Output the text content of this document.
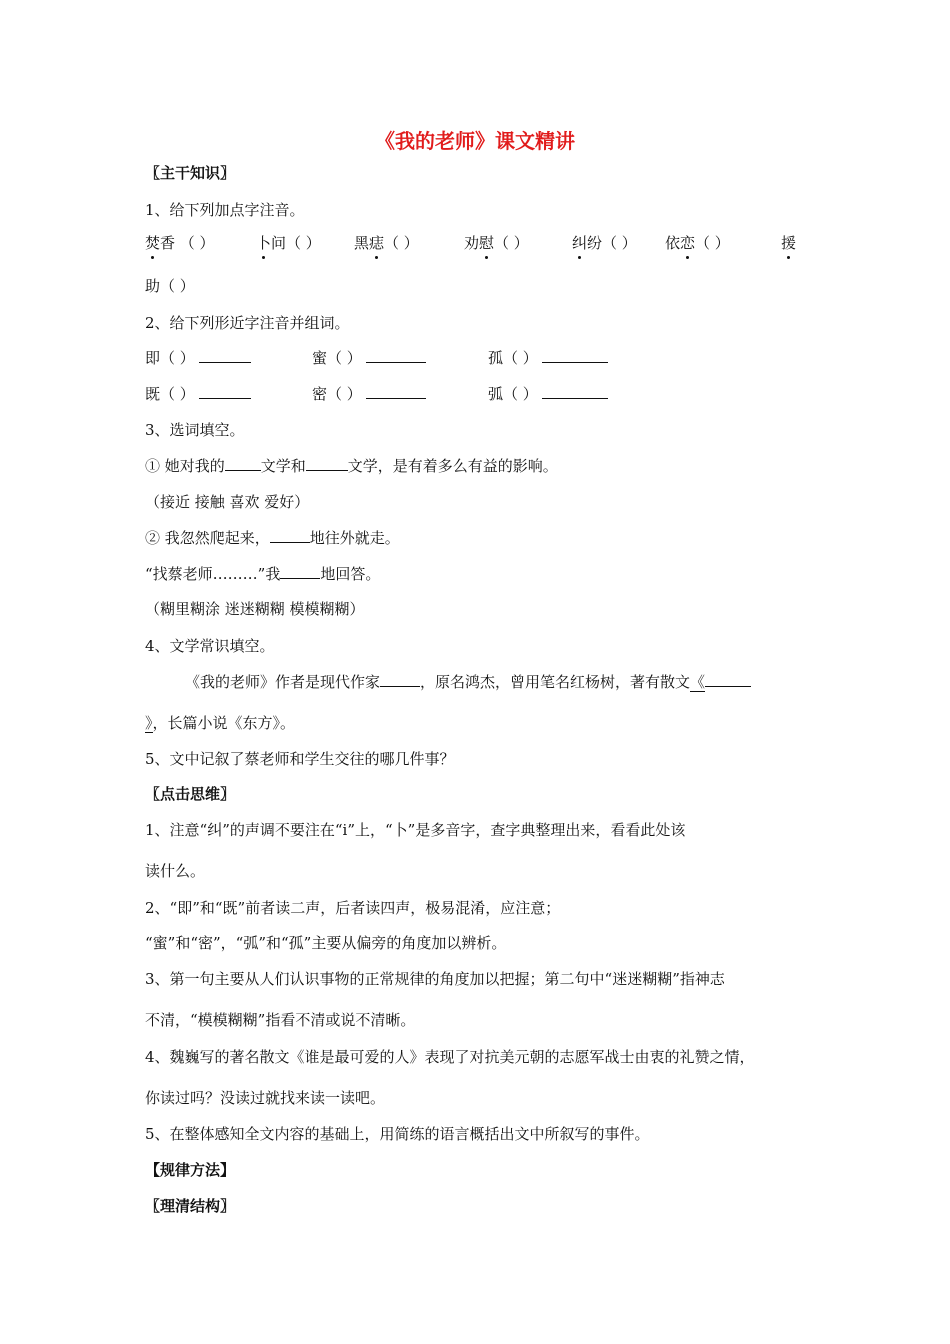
《我的老师》课文精讲
〖主干知识〗
1、给下列加点字注音。
焚香 （ ）	卜问（ ） 黑痣（ ）	劝慰（ ）	纠纷（ ） 依恋（ ）	援
助（ ）
2、给下列形近字注音并组词。
即（ ）	蜜（ ）	孤（ ）
既（ ）	密（ ）	弧（ ）
3、选词填空。
① 她对我的 文学和	文学，是有着多么有益的影响。
（接近 接触 喜欢 爱好）
② 我忽然爬起来，	地往外就走。
“找蔡老师………”我	地回答。
（糊里糊涂 迷迷糊糊 模模糊糊）
4、文学常识填空。
《我的老师》作者是现代作家	，原名鸿杰，曾用笔名红杨树，著有散文《
》，长篇小说《东方》。
5、文中记叙了蔡老师和学生交往的哪几件事？
〖点击思维〗
1、注意“纠”的声调不要注在“i”上，“卜”是多音字，查字典整理出来，看看此处该
读什么。
2、“即”和“既”前者读二声，后者读四声，极易混淆，应注意；
“蜜”和“密”，“弧”和“孤”主要从偏旁的角度加以辨析。
3、第一句主要从人们认识事物的正常规律的角度加以把握；第二句中“迷迷糊糊”指神志
不清，“模模糊糊”指看不清或说不清晰。
4、魏巍写的著名散文《谁是最可爱的人》表现了对抗美元朝的志愿军战士由衷的礼赞之情，
你读过吗？没读过就找来读一读吧。
5、在整体感知全文内容的基础上，用简练的语言概括出文中所叙写的事件。
【规律方法】
〖理清结构〗
